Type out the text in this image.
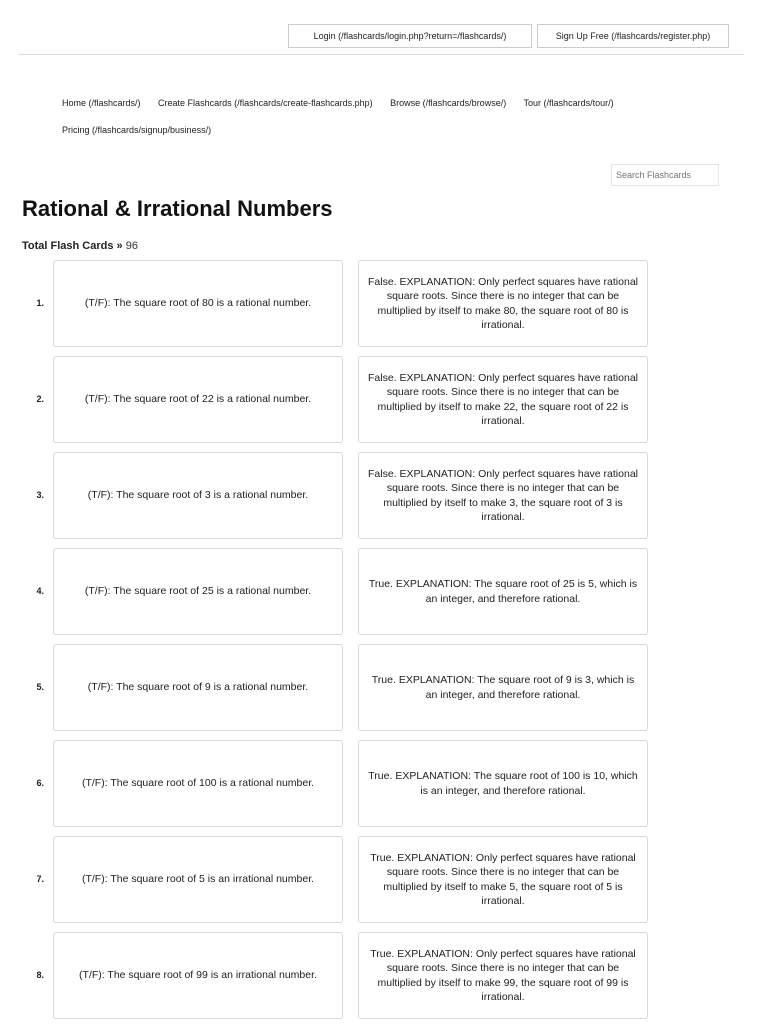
Login (/flashcards/login.php?return=/flashcards/)	Sign Up Free (/flashcards/register.php)
Home (/flashcards/) Create Flashcards (/flashcards/create-flashcards.php) Browse (/flashcards/browse/) Tour (/flashcards/tour/)
Pricing (/flashcards/signup/business/)
Search Flashcards
Rational & Irrational Numbers
Total Flash Cards » 96
1.	(T/F): The square root of 80 is a rational number.
False. EXPLANATION: Only perfect squares have rational square roots. Since there is no integer that can be multiplied by itself to make 80, the square root of 80 is irrational.
2.	(T/F): The square root of 22 is a rational number.
False. EXPLANATION: Only perfect squares have rational square roots. Since there is no integer that can be multiplied by itself to make 22, the square root of 22 is irrational.
3.	(T/F): The square root of 3 is a rational number.
False. EXPLANATION: Only perfect squares have rational square roots. Since there is no integer that can be multiplied by itself to make 3, the square root of 3 is irrational.
4.	(T/F): The square root of 25 is a rational number.
True. EXPLANATION: The square root of 25 is 5, which is an integer, and therefore rational.
5.	(T/F): The square root of 9 is a rational number.
True. EXPLANATION: The square root of 9 is 3, which is an integer, and therefore rational.
6.	(T/F): The square root of 100 is a rational number.
True. EXPLANATION: The square root of 100 is 10, which is an integer, and therefore rational.
7.	(T/F): The square root of 5 is an irrational number.
True. EXPLANATION: Only perfect squares have rational square roots. Since there is no integer that can be multiplied by itself to make 5, the square root of 5 is irrational.
8.	(T/F): The square root of 99 is an irrational number.
True. EXPLANATION: Only perfect squares have rational square roots. Since there is no integer that can be multiplied by itself to make 99, the square root of 99 is irrational.
